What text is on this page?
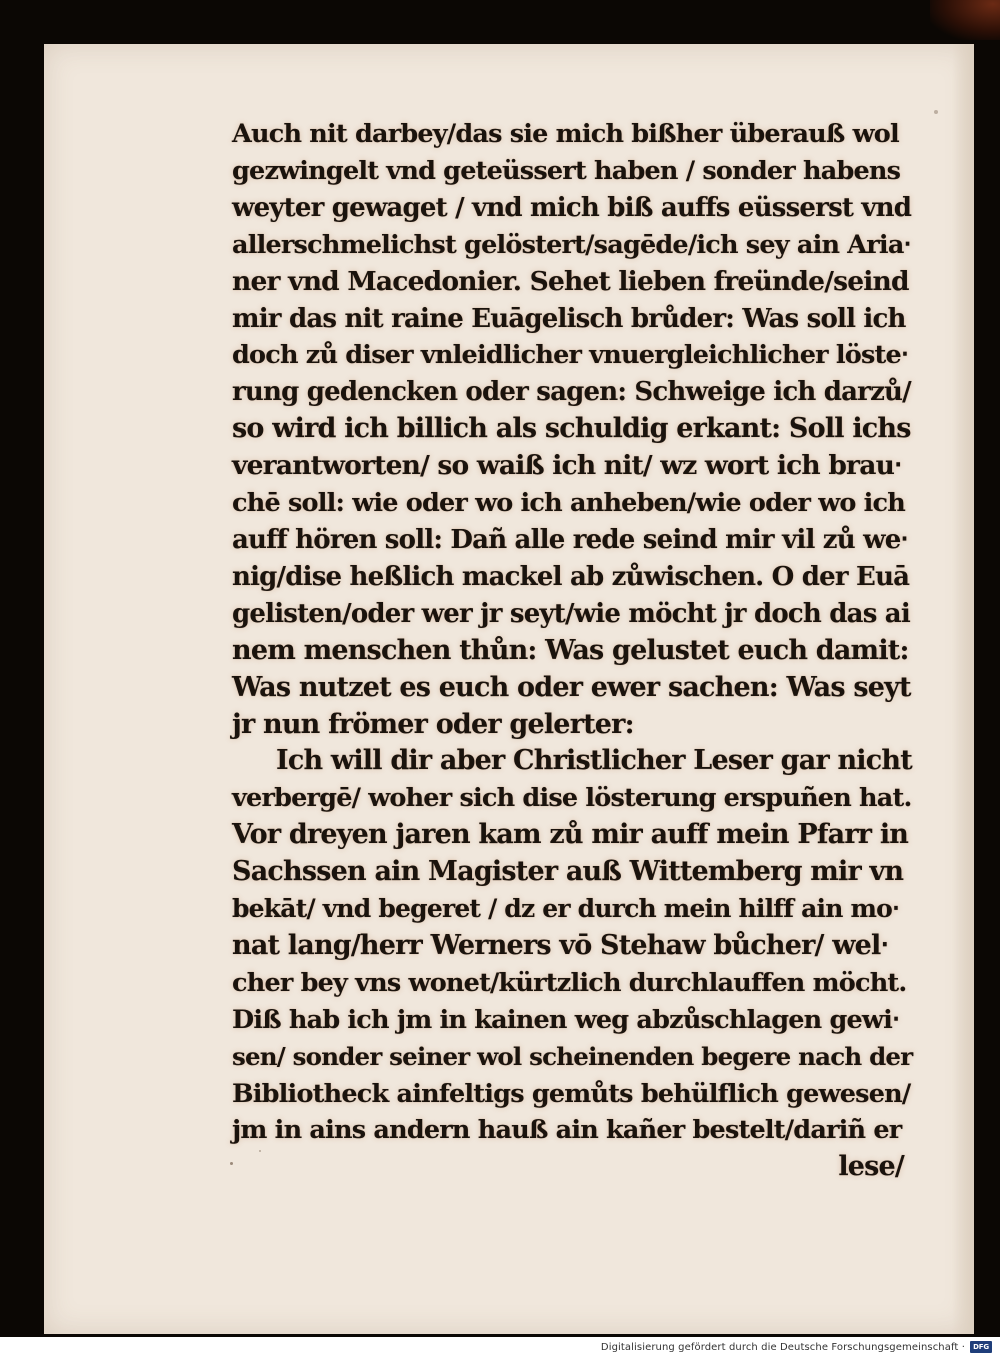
Auch nit darbey/das sie mich bißher überauß wol
gezwingelt vnd geteüssert haben / sonder habens
weyter gewaget / vnd mich biß auffs eüsserst vnd
allerschmelichst gelöstert/sagēde/ich sey ain Aria‧
ner vnd Macedonier. Sehet lieben freünde/seind
mir das nit raine Euāgelisch brůder: Was soll ich
doch zů diser vnleidlicher vnuergleichlicher löste‧
rung gedencken oder sagen: Schweige ich darzů/
so wird ich billich als schuldig erkant: Soll ichs
verantworten/ so waiß ich nit/ wz wort ich brau‧
chē soll: wie oder wo ich anheben/wie oder wo ich
auff hören soll: Dañ alle rede seind mir vil zů we‧
nig/dise heßlich mackel ab zůwischen. O der Euā
gelisten/oder wer jr seyt/wie möcht jr doch das ai
nem menschen thůn: Was gelustet euch damit:
Was nutzet es euch oder ewer sachen: Was seyt
jr nun frömer oder gelerter:
Ich will dir aber Christlicher Leser gar nicht
verbergē/ woher sich dise lösterung erspuñen hat.
Vor dreyen jaren kam zů mir auff mein Pfarr in
Sachssen ain Magister auß Wittemberg mir vn
bekāt/ vnd begeret / dz er durch mein hilff ain mo‧
nat lang/herr Werners vō Stehaw bůcher/ wel‧
cher bey vns wonet/kürtzlich durchlauffen möcht.
Diß hab ich jm in kainen weg abzůschlagen gewi‧
sen/ sonder seiner wol scheinenden begere nach der
Bibliotheck ainfeltigs gemůts behülflich gewesen/
jm in ains andern hauß ain kañer bestelt/dariñ er
lese/
Digitalisierung gefördert durch die Deutsche Forschungsgemeinschaft · DFG
